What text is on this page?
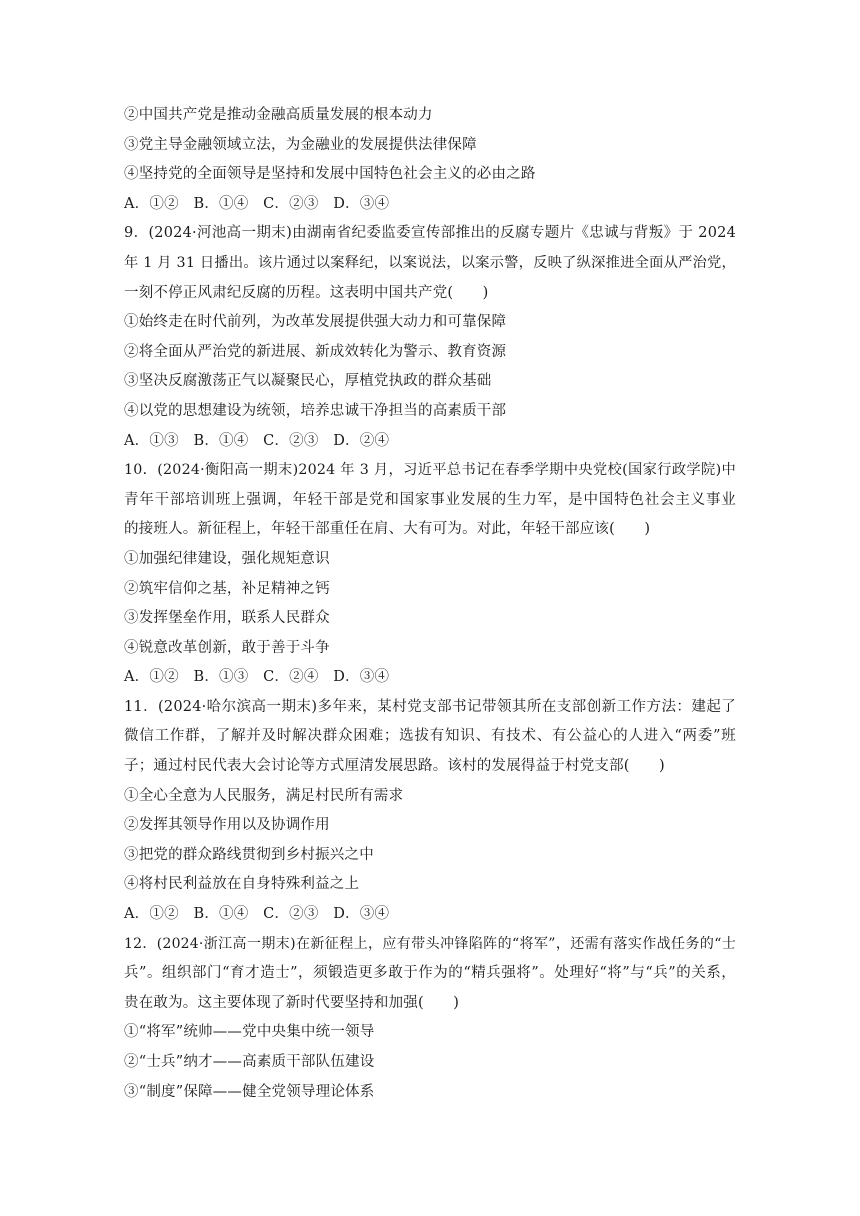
②中国共产党是推动金融高质量发展的根本动力
③党主导金融领域立法，为金融业的发展提供法律保障
④坚持党的全面领导是坚持和发展中国特色社会主义的必由之路
A．①②　B．①④　C．②③　D．③④
9．(2024·河池高一期末)由湖南省纪委监委宣传部推出的反腐专题片《忠诚与背叛》于 2024
年 1 月 31 日播出。该片通过以案释纪，以案说法，以案示警，反映了纵深推进全面从严治党，
一刻不停正风肃纪反腐的历程。这表明中国共产党(　　)
①始终走在时代前列，为改革发展提供强大动力和可靠保障
②将全面从严治党的新进展、新成效转化为警示、教育资源
③坚决反腐激荡正气以凝聚民心，厚植党执政的群众基础
④以党的思想建设为统领，培养忠诚干净担当的高素质干部
A．①③　B．①④　C．②③　D．②④
10．(2024·衡阳高一期末)2024 年 3 月，习近平总书记在春季学期中央党校(国家行政学院)中
青年干部培训班上强调，年轻干部是党和国家事业发展的生力军，是中国特色社会主义事业
的接班人。新征程上，年轻干部重任在肩、大有可为。对此，年轻干部应该(　　)
①加强纪律建设，强化规矩意识
②筑牢信仰之基，补足精神之钙
③发挥堡垒作用，联系人民群众
④锐意改革创新，敢于善于斗争
A．①②　B．①③　C．②④　D．③④
11．(2024·哈尔滨高一期末)多年来，某村党支部书记带领其所在支部创新工作方法：建起了
微信工作群，了解并及时解决群众困难；选拔有知识、有技术、有公益心的人进入“两委”班
子；通过村民代表大会讨论等方式厘清发展思路。该村的发展得益于村党支部(　　)
①全心全意为人民服务，满足村民所有需求
②发挥其领导作用以及协调作用
③把党的群众路线贯彻到乡村振兴之中
④将村民利益放在自身特殊利益之上
A．①②　B．①④　C．②③　D．③④
12．(2024·浙江高一期末)在新征程上，应有带头冲锋陷阵的“将军”，还需有落实作战任务的“士
兵”。组织部门“育才造士”，须锻造更多敢于作为的“精兵强将”。处理好“将”与“兵”的关系，
贵在敢为。这主要体现了新时代要坚持和加强(　　)
①“将军”统帅——党中央集中统一领导
②“士兵”纳才——高素质干部队伍建设
③“制度”保障——健全党领导理论体系
